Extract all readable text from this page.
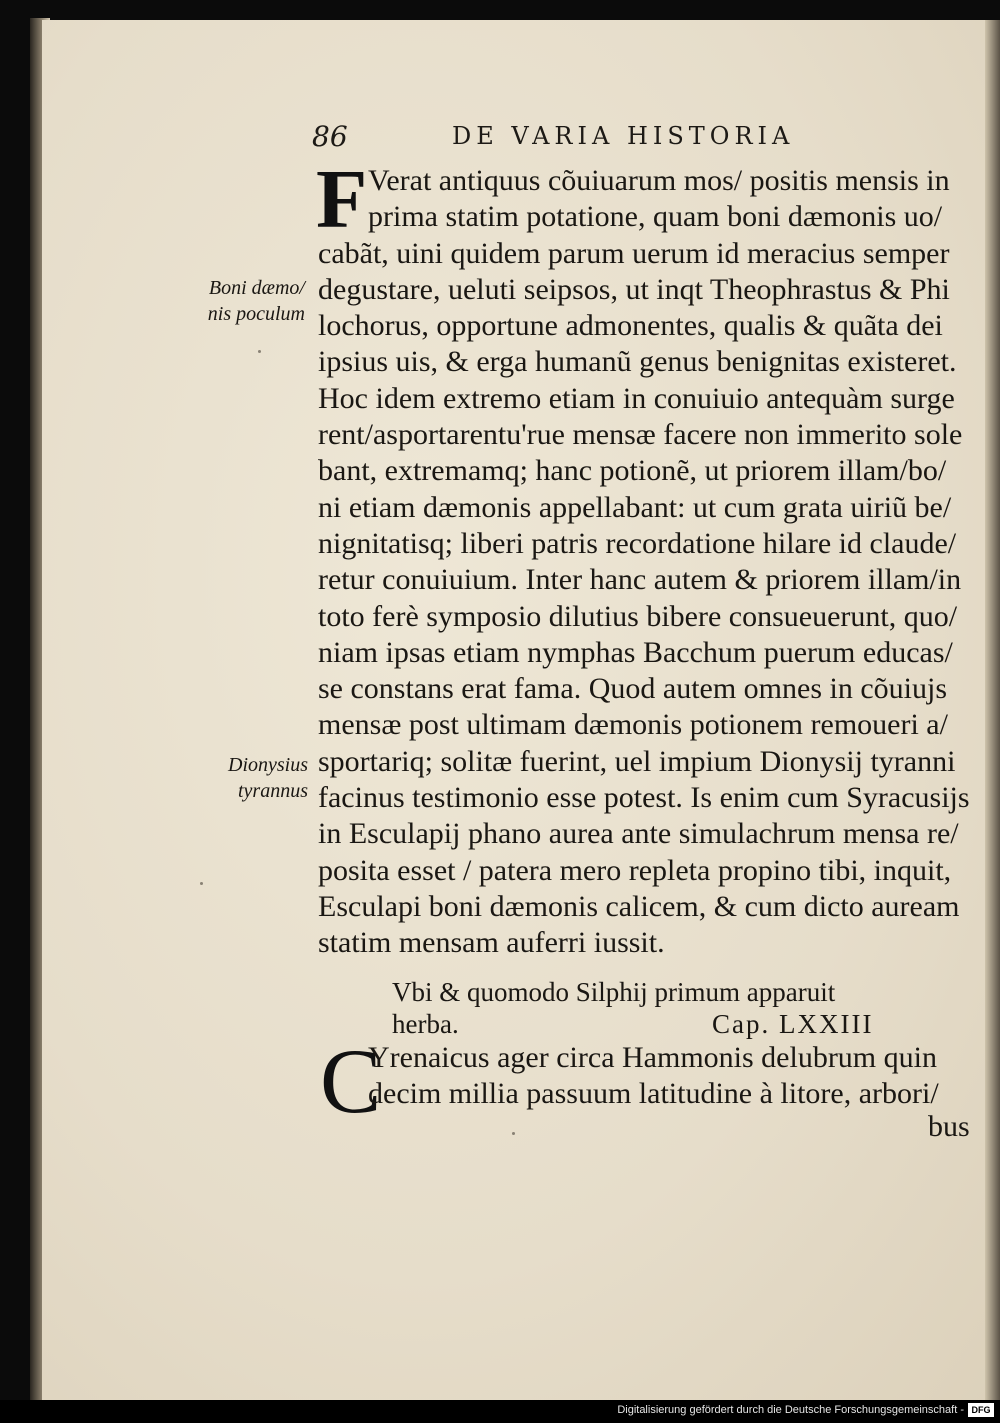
86	DE VARIA HISTORIA
F Verat antiquus cõuiuarum mos/ positis mensis in
prima statim potatione, quam boni dæmonis uo/
cabãt, uini quidem parum uerum id meracius semper
degustare, ueluti seipsos, ut inqt Theophrastus & Phi
lochorus, opportune admonentes, qualis & quãta dei
ipsius uis, & erga humanũ genus benignitas existeret.
Hoc idem extremo etiam in conuiuio antequàm surge
rent/asportarentu'rue mensæ facere non immerito sole
bant, extremamq; hanc potionẽ, ut priorem illam/bo/
ni etiam dæmonis appellabant: ut cum grata uiriũ be/
nignitatisq; liberi patris recordatione hilare id claude/
retur conuiuium. Inter hanc autem & priorem illam/in
toto ferè symposio dilutius bibere consueuerunt, quo/
niam ipsas etiam nymphas Bacchum puerum educas/
se constans erat fama. Quod autem omnes in cõuiujs
mensæ post ultimam dæmonis potionem remoueri a/
sportariq; solitæ fuerint, uel impium Dionysij tyranni
facinus testimonio esse potest. Is enim cum Syracusijs
in Esculapij phano aurea ante simulachrum mensa re/
posita esset / patera mero repleta propino tibi, inquit,
Esculapi boni dæmonis calicem, & cum dicto auream
statim mensam auferri iussit.
Boni dæmo/
nis poculum
Dionysius
tyrannus
Vbi & quomodo Silphij primum apparuit
herba.	Cap. LXXIII
C
Yrenaicus ager circa Hammonis delubrum quin
decim millia passuum latitudine à litore, arbori/
bus
Digitalisierung gefördert durch die Deutsche Forschungsgemeinschaft - DFG
